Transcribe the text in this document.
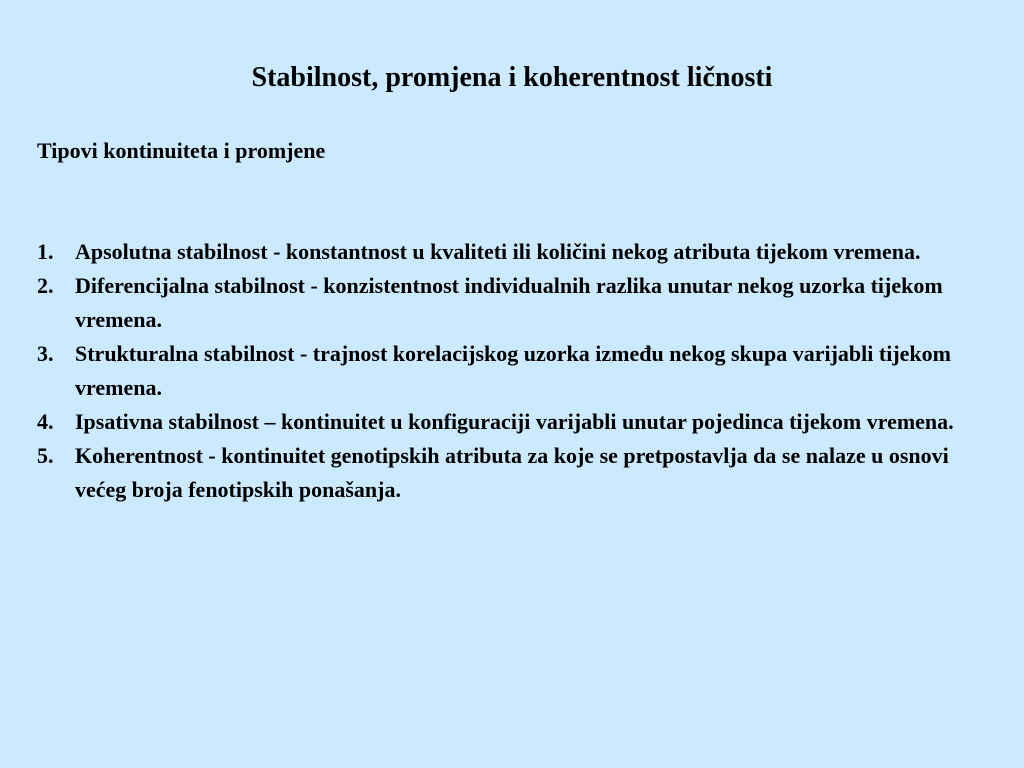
Stabilnost, promjena i koherentnost ličnosti
Tipovi kontinuiteta i promjene
1. Apsolutna stabilnost - konstantnost u kvaliteti ili količini nekog atributa tijekom vremena.
2. Diferencijalna stabilnost - konzistentnost individualnih razlika unutar nekog uzorka tijekom vremena.
3. Strukturalna stabilnost - trajnost korelacijskog uzorka između nekog skupa varijabli tijekom vremena.
4. Ipsativna stabilnost – kontinuitet u konfiguraciji varijabli unutar pojedinca tijekom vremena.
5. Koherentnost - kontinuitet genotipskih atributa za koje se pretpostavlja da se nalaze u osnovi većeg broja fenotipskih ponašanja.
